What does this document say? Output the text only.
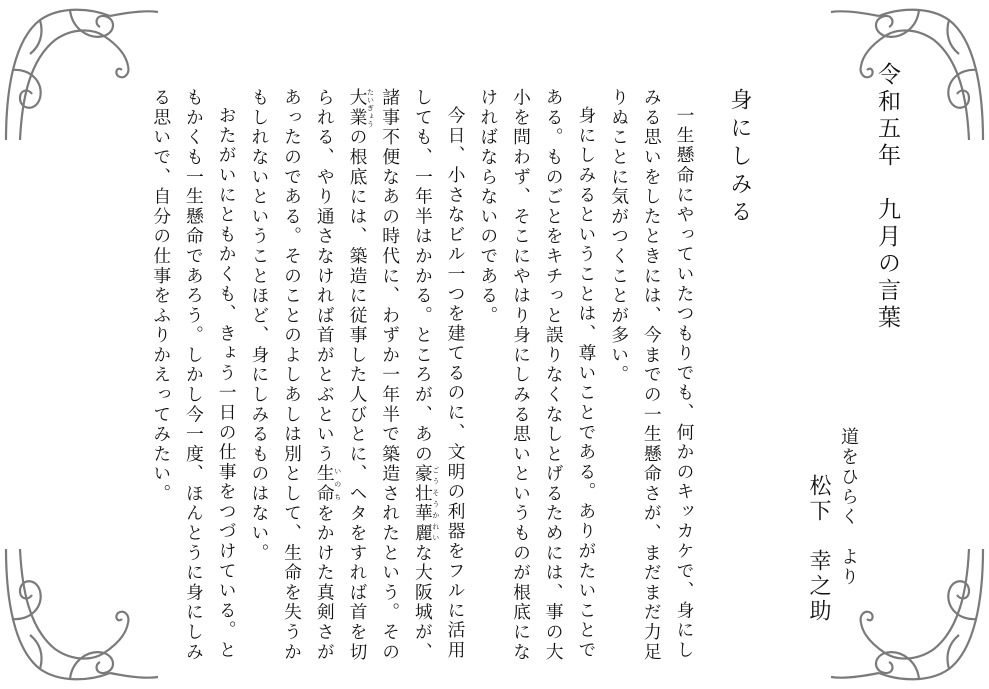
令和五年　九月の言葉
道をひらく　より
松下　幸之助
身にしみる

一生懸命にやっていたつもりでも、何かのキッカケで、身にしみる思いをしたときには、今までの一生懸命さが、まだまだ力足りぬことに気がつくことが多い。

身にしみるということは、尊いことである。ありがたいことである。ものごとをキチっと誤りなくなしとげるためには、事の大小を問わず、そこにやはり身にしみる思いというものが根底になければならないのである。

今日、小さなビル一つを建てるのに、文明の利器をフルに活用しても、一年半はかかる。ところが、あの豪壮華麗ごうそうかれいな大阪城が、諸事不便なあの時代に、わずか一年半で築造されたという。その大業たいぎょうの根底には、築造に従事した人びとに、ヘタをすれば首を切られる、やり通さなければ首がとぶという生命いのちをかけた真剣さがあったのである。そのことのよしあしは別として、生命を失うかもしれないということほど、身にしみるものはない。

おたがいにともかくも、きょう一日の仕事をつづけている。ともかくも一生懸命であろう。しかし今一度、ほんとうに身にしみる思いで、自分の仕事をふりかえってみたい。
